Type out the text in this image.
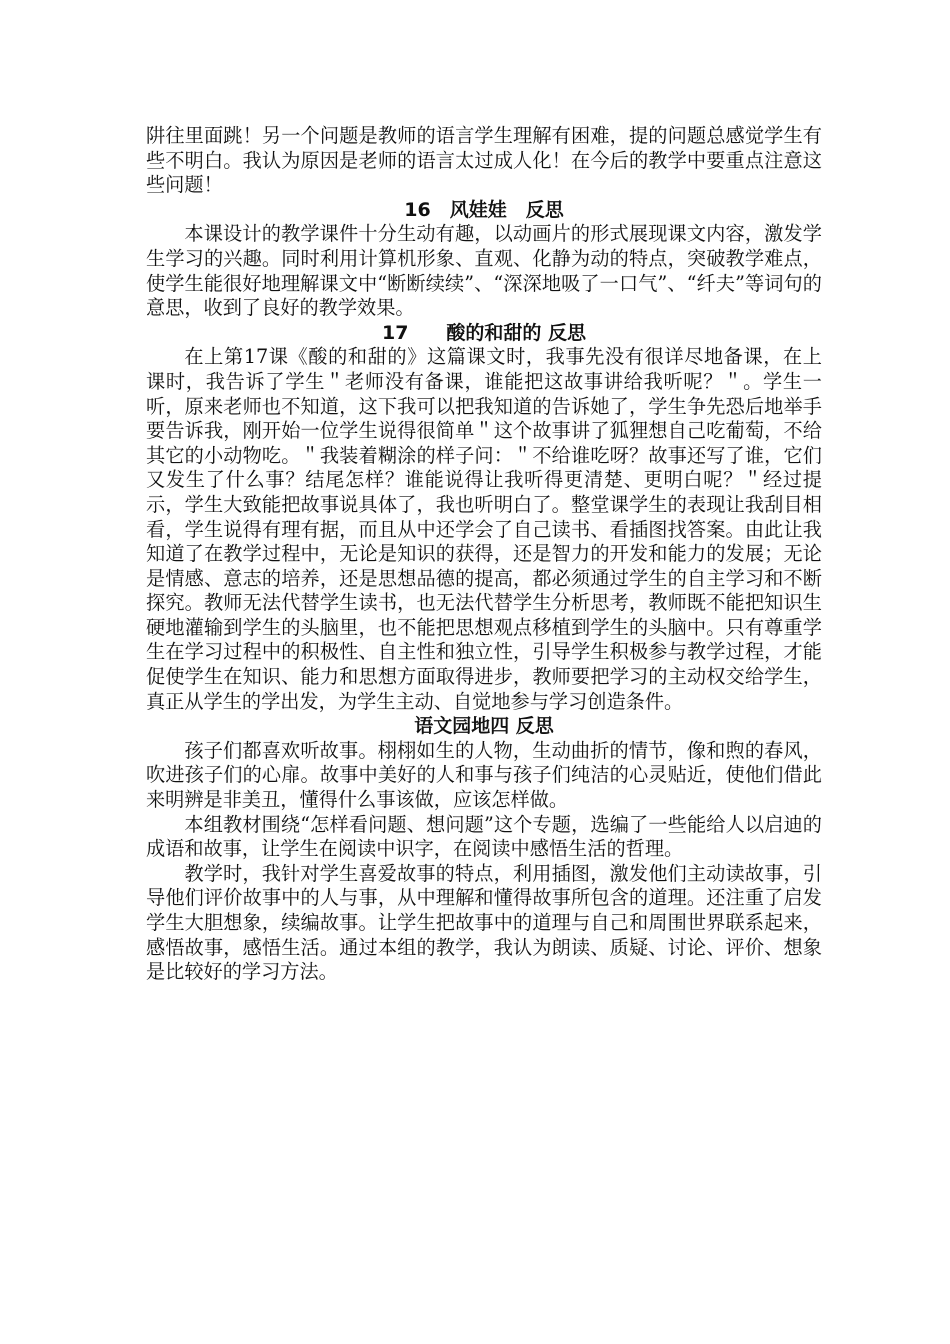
阱往里面跳！另一个问题是教师的语言学生理解有困难，提的问题总感觉学生有些不明白。我认为原因是老师的语言太过成人化！在今后的教学中要重点注意这些问题！

16　风娃娃　反思

本课设计的教学课件十分生动有趣，以动画片的形式展现课文内容，激发学生学习的兴趣。同时利用计算机形象、直观、化静为动的特点，突破教学难点，使学生能很好地理解课文中“断断续续”、“深深地吸了一口气”、“纤夫”等词句的意思，收到了良好的教学效果。

17　　酸的和甜的 反思

在上第17课《酸的和甜的》这篇课文时，我事先没有很详尽地备课，在上课时，我告诉了学生＂老师没有备课，谁能把这故事讲给我听呢？＂。学生一听，原来老师也不知道，这下我可以把我知道的告诉她了，学生争先恐后地举手要告诉我，刚开始一位学生说得很简单＂这个故事讲了狐狸想自己吃葡萄，不给其它的小动物吃。＂我装着糊涂的样子问：＂不给谁吃呀？故事还写了谁，它们又发生了什么事？结尾怎样？谁能说得让我听得更清楚、更明白呢？＂经过提示，学生大致能把故事说具体了，我也听明白了。整堂课学生的表现让我刮目相看，学生说得有理有据，而且从中还学会了自己读书、看插图找答案。由此让我知道了在教学过程中，无论是知识的获得，还是智力的开发和能力的发展；无论是情感、意志的培养，还是思想品德的提高，都必须通过学生的自主学习和不断探究。教师无法代替学生读书，也无法代替学生分析思考，教师既不能把知识生硬地灌输到学生的头脑里，也不能把思想观点移植到学生的头脑中。只有尊重学生在学习过程中的积极性、自主性和独立性，引导学生积极参与教学过程，才能促使学生在知识、能力和思想方面取得进步，教师要把学习的主动权交给学生，真正从学生的学出发，为学生主动、自觉地参与学习创造条件。

语文园地四 反思

孩子们都喜欢听故事。栩栩如生的人物，生动曲折的情节，像和煦的春风，吹进孩子们的心扉。故事中美好的人和事与孩子们纯洁的心灵贴近，使他们借此来明辨是非美丑，懂得什么事该做，应该怎样做。

本组教材围绕“怎样看问题、想问题”这个专题，选编了一些能给人以启迪的成语和故事，让学生在阅读中识字，在阅读中感悟生活的哲理。

教学时，我针对学生喜爱故事的特点，利用插图，激发他们主动读故事，引导他们评价故事中的人与事，从中理解和懂得故事所包含的道理。还注重了启发学生大胆想象，续编故事。让学生把故事中的道理与自己和周围世界联系起来，感悟故事，感悟生活。通过本组的教学，我认为朗读、质疑、讨论、评价、想象是比较好的学习方法。
